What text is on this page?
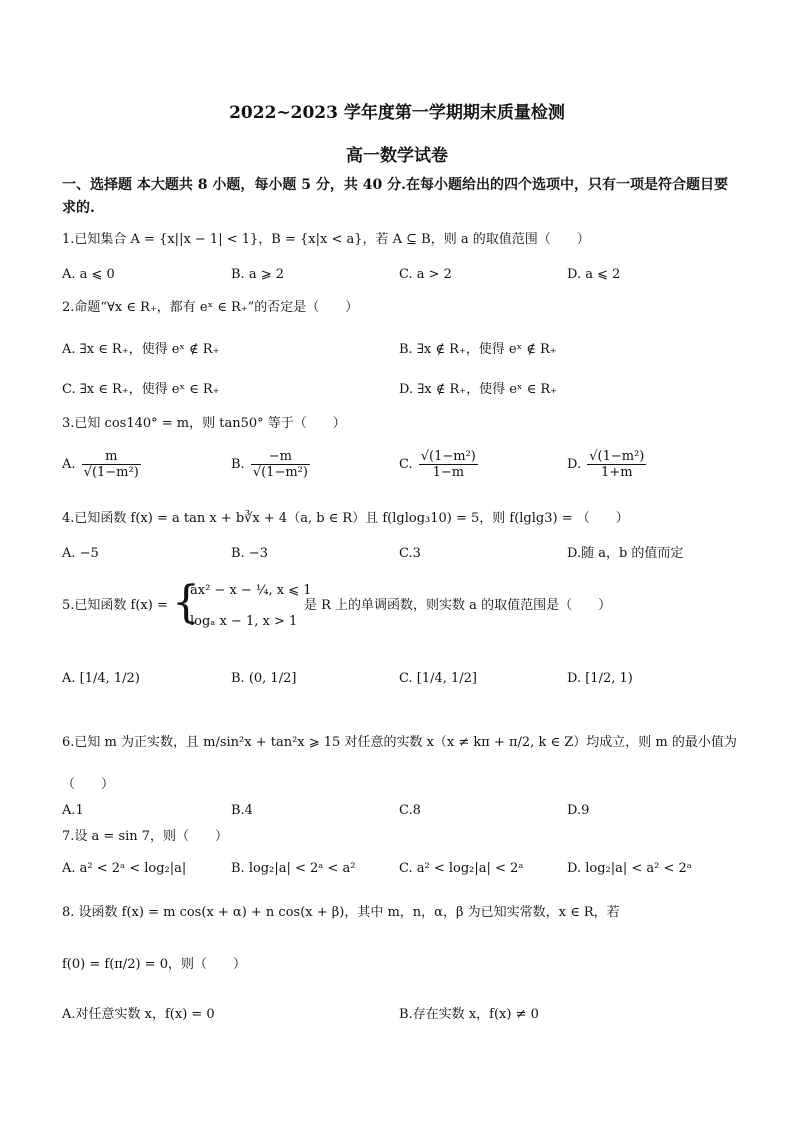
2022~2023 学年度第一学期期末质量检测
高一数学试卷
一、选择题 本大题共 8 小题，每小题 5 分，共 40 分.在每小题给出的四个选项中，只有一项是符合题目要求的.
1.已知集合 A = {x||x − 1| < 1}，B = {x|x < a}，若 A ⊆ B，则 a 的取值范围（　　）
A. a ⩽ 0	B. a ⩾ 2	C. a > 2	D. a ⩽ 2
2.命题“∀x ∈ R₊，都有 eˣ ∈ R₊”的否定是（　　）
A. ∃x ∈ R₊，使得 eˣ ∉ R₊	B. ∃x ∉ R₊，使得 eˣ ∉ R₊
C. ∃x ∈ R₊，使得 eˣ ∈ R₊	D. ∃x ∉ R₊，使得 eˣ ∈ R₊
3.已知 cos140° = m，则 tan50° 等于（　　）
A. $\frac{m}{\text{√(1−m²)}}$	B. $\frac{-m}{\text{√(1−m²)}}$	C. $\frac{\text{√(1−m²)}}{1-m}$	D. $\frac{\text{√(1−m²)}}{1+m}$
4.已知函数 f(x) = a tan x + b∛x + 4（a, b ∈ R）且 f(lglog₃10) = 5，则 f(lglg3) = （　　）
A. −5	B. −3	C.3	D.随 a，b 的值而定
5.已知函数 f(x) = {
ax² − x − ¼, x ⩽ 1
logₐ x − 1, x > 1
是 R 上的单调函数，则实数 a 的取值范围是（　　）
A. [1/4, 1/2)	B. (0, 1/2]	C. [1/4, 1/2]	D. [1/2, 1)
6.已知 m 为正实数，且 m/sin²x + tan²x ⩾ 15 对任意的实数 x（x ≠ kπ + π/2, k ∈ Z）均成立，则 m 的最小值为
（　　）
A.1	B.4	C.8	D.9
7.设 a = sin 7，则（　　）
A. a² < 2ᵃ < log₂|a|	B. log₂|a| < 2ᵃ < a²	C. a² < log₂|a| < 2ᵃ	D. log₂|a| < a² < 2ᵃ
8. 设函数 f(x) = m cos(x + α) + n cos(x + β)，其中 m，n，α，β 为已知实常数，x ∈ R，若
f(0) = f(π/2) = 0，则（　　）
A.对任意实数 x，f(x) = 0	B.存在实数 x，f(x) ≠ 0
